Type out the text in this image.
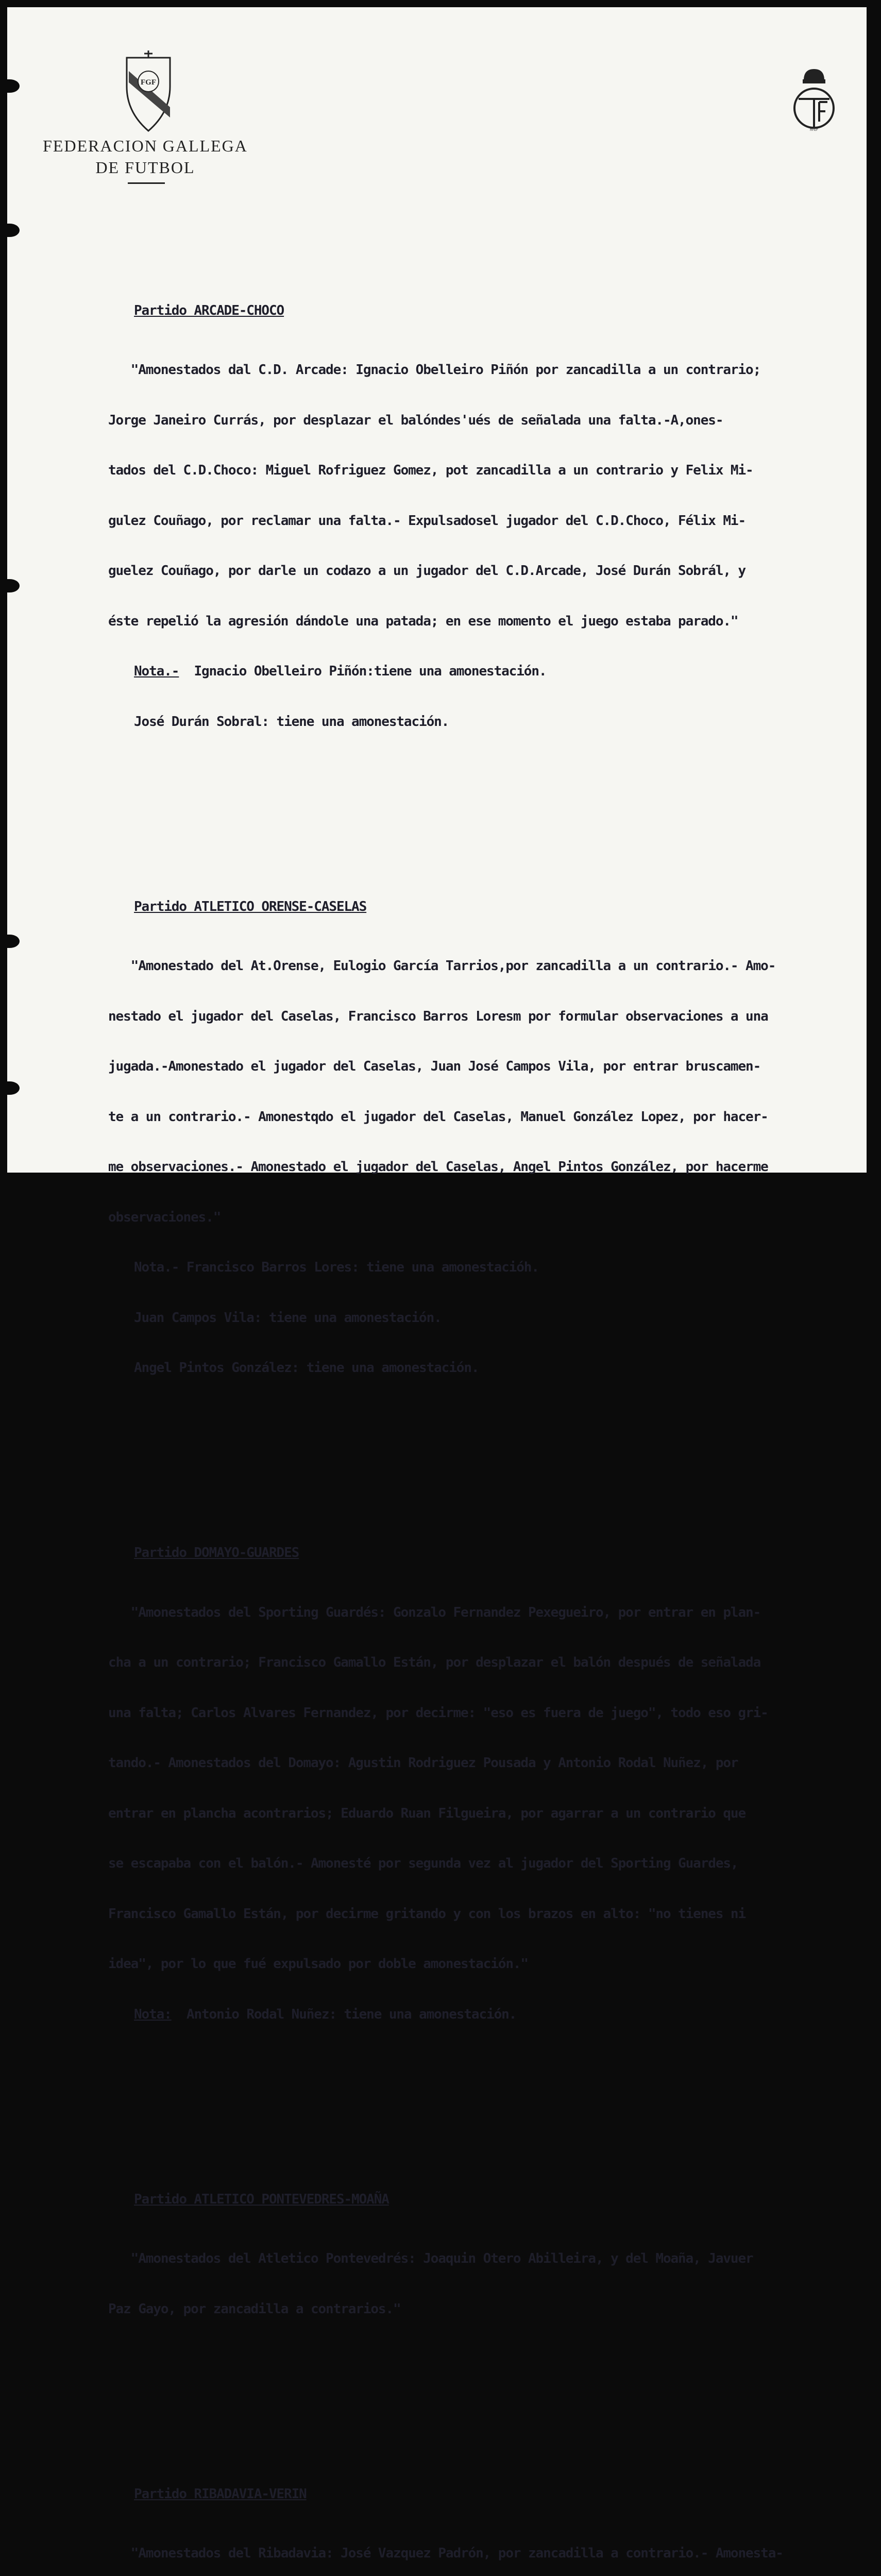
FGF
RFEF
FEDERACION GALLEGA
DE FUTBOL

Partido ARCADE-CHOCO

"Amonestados dal C.D. Arcade: Ignacio Obelleiro Piñón por zancadilla a un contrario;

Jorge Janeiro Currás, por desplazar el balóndes'ués de señalada una falta.-A,ones-

tados del C.D.Choco: Miguel Rofriguez Gomez, pot zancadilla a un contrario y Felix Mi-

gulez Couñago, por reclamar una falta.- Expulsadosel jugador del C.D.Choco, Félix Mi-

guelez Couñago, por darle un codazo a un jugador del C.D.Arcade, José Durán Sobrál, y

éste repelió la agresión dándole una patada; en ese momento el juego estaba parado."

Nota.- Ignacio Obelleiro Piñón:tiene una amonestación.

José Durán Sobral: tiene una amonestación.

Partido ATLETICO ORENSE-CASELAS

"Amonestado del At.Orense, Eulogio García Tarrios,por zancadilla a un contrario.- Amo-

nestado el jugador del Caselas, Francisco Barros Loresm por formular observaciones a una

jugada.-Amonestado el jugador del Caselas, Juan José Campos Vila, por entrar bruscamen-

te a un contrario.- Amonestqdo el jugador del Caselas, Manuel González Lopez, por hacer-

me observaciones.- Amonestado el jugador del Caselas, Angel Pintos González, por hacerme

observaciones."

Nota.- Francisco Barros Lores: tiene una amonestacióh.

Juan Campos Vila: tiene una amonestación.

Angel Pintos González: tiene una amonestación.

Partido DOMAYO-GUARDES

"Amonestados del Sporting Guardés: Gonzalo Fernandez Pexegueiro, por entrar en plan-

cha a un contrario; Francisco Gamallo Están, por desplazar el balón después de señalada

una falta; Carlos Alvares Fernandez, por decirme: "eso es fuera de juego", todo eso gri-

tando.- Amonestados del Domayo: Agustin Rodriguez Pousada y Antonio Rodal Nuñez, por

entrar en plancha acontrarios; Eduardo Ruan Filgueira, por agarrar a un contrario que

se escapaba con el balón.- Amonesté por segunda vez al jugador del Sporting Guardes,

Francisco Gamallo Están, por decirme gritando y con los brazos en alto: "no tienes ni

idea", por lo que fué expulsado por doble amonestación."

Nota: Antonio Rodal Nuñez: tiene una amonestación.

Partido ATLETICO PONTEVEDRES-MOAÑA

"Amonestados del Atletico Pontevedrés: Joaquin Otero Abilleira, y del Moaña, Javuer

Paz Gayo, por zancadilla a contrarios."

Partido RIBADAVIA-VERIN

"Amonestados del Ribadavia: José Vazquez Padrón, por zancadilla a contrario.- Amonesta-
